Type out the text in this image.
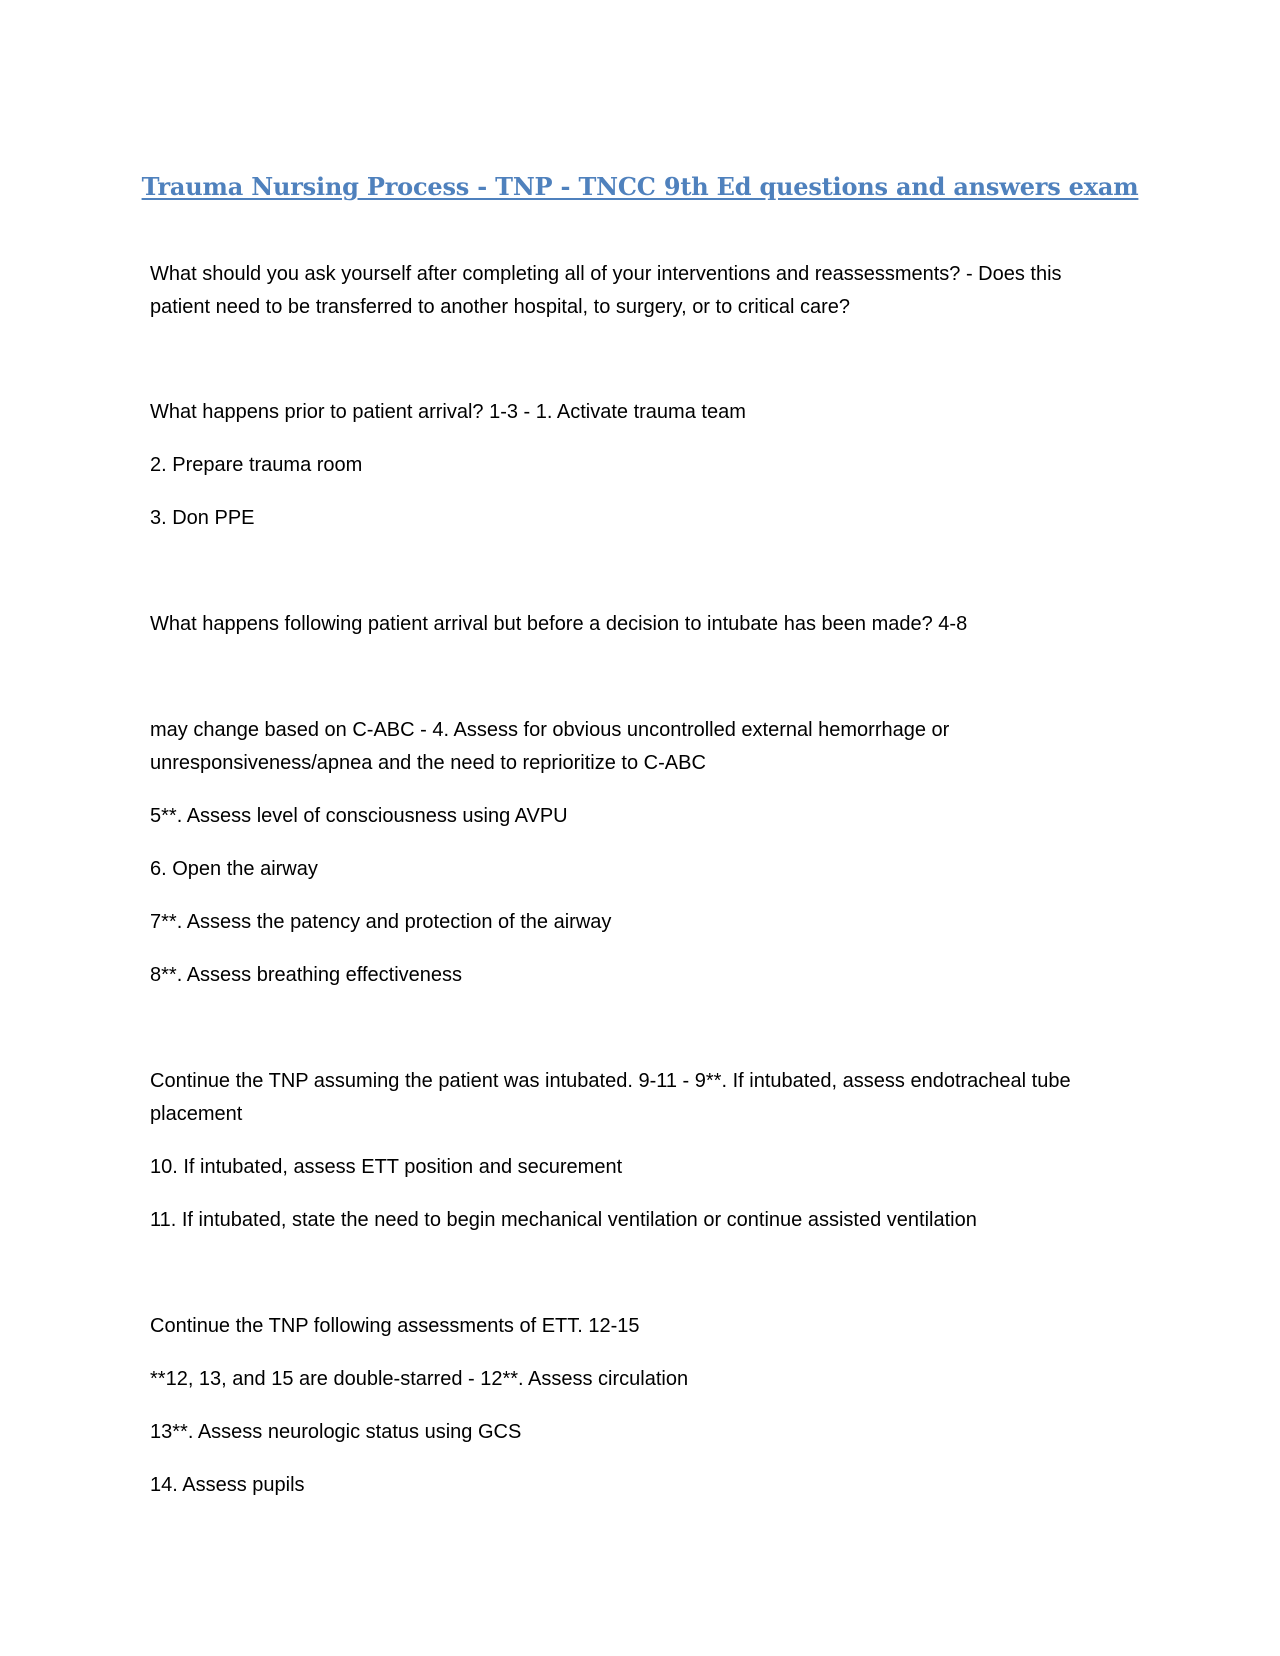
Trauma Nursing Process - TNP - TNCC 9th Ed questions and answers exam
What should you ask yourself after completing all of your interventions and reassessments? - Does this
patient need to be transferred to another hospital, to surgery, or to critical care?
What happens prior to patient arrival? 1-3 - 1. Activate trauma team
2. Prepare trauma room
3. Don PPE
What happens following patient arrival but before a decision to intubate has been made? 4-8
may change based on C-ABC - 4. Assess for obvious uncontrolled external hemorrhage or
unresponsiveness/apnea and the need to reprioritize to C-ABC
5**. Assess level of consciousness using AVPU
6. Open the airway
7**. Assess the patency and protection of the airway
8**. Assess breathing effectiveness
Continue the TNP assuming the patient was intubated. 9-11 - 9**. If intubated, assess endotracheal tube
placement
10. If intubated, assess ETT position and securement
11. If intubated, state the need to begin mechanical ventilation or continue assisted ventilation
Continue the TNP following assessments of ETT. 12-15
**12, 13, and 15 are double-starred - 12**. Assess circulation
13**. Assess neurologic status using GCS
14. Assess pupils
